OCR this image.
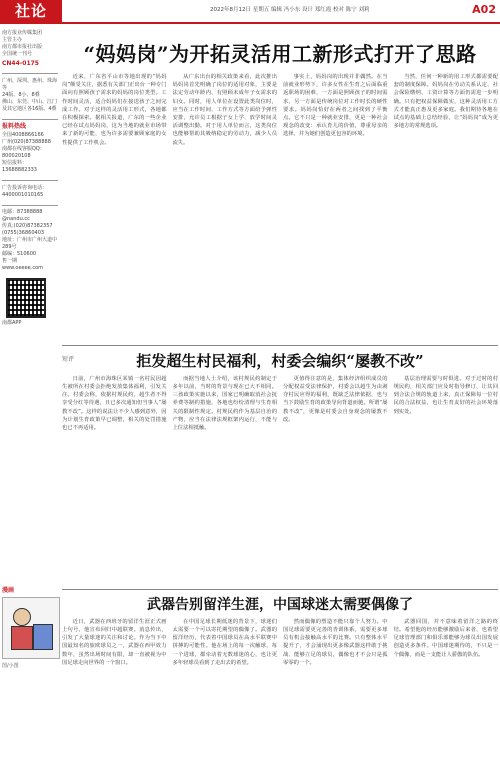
社论	2022年8月12日 星期五 编辑 冯小东 设计 郑红霞 校对 陈宁 刘莉	A02
南方报业传媒集团
主管主办
南方都市报社出版
全国统一刊号
CN44-0175
广州、深圳、惠州、珠海等
24版、8小、8叠
佛山、东莞、中山、江门及其它地区各16版、4叠
报料热线
全国4008866166
广州(020)87388888
南都在线客服QQ：
800020108
短信报料：
13688882333
广告投诉咨询电话：
4400001010165
电邮：87388888
@nandu.cc
传真:(020)87382357
(0755)36860403
地址：广州市广州大道中
289号
邮编：510600
售一期
www.oeeee.com
南都APP
“妈妈岗”为开拓灵活用工新形式打开了思路

近来，广东省平山市等地出现的“妈妈岗”颇受关注，据悉有关部门正出台一种专门面向有照顾孩子需求的妈妈的岗位类型。工作时间灵活，适合妈妈们在接送孩子之间完成工作。对于这样的灵活用工形式，各地都在积极探索。据相关报道，广东的一些企业已经在试点妈妈岗，这为当地的就业市场带来了新的可能，也为许多需要兼顾家庭的女性提供了工作机会。

从广东出台的相关政策来看，此次推出妈妈岗首先明确了岗位的适用对象，主要是法定劳动年龄内、有照顾未成年子女需求的妇女。同时，用人单位在设置此类岗位时，应当在工作时间、工作方式等方面给予弹性安排，允许员工根据子女上学、放学时间灵活调整出勤。对于用人单位而言，这类岗位也能够帮助其吸纳稳定的劳动力，减少人员流失。

事实上，妈妈岗的出现并非偶然。在当前就业形势下，许多女性在生育之后面临重返职场的困难，一方面是照顾孩子的时间需求，另一方面是传统岗位对工作时长的硬性要求。妈妈岗恰好在两者之间找到了平衡点。它不只是一种就业安排，更是一种社会观念的改变：承认育儿的价值，尊重母亲的选择，并为她们创造更包容的环境。

当然，任何一种新的用工形式都需要配套的制度保障。妈妈岗在劳动关系认定、社会保险缴纳、工资计算等方面仍需进一步明确。只有把权益保障做实，这种灵活用工方式才能真正惠及更多家庭。我们期待各地在试点的基础上总结经验，让“妈妈岗”成为更多地方的常规选项。

短评	拒发超生村民福利，村委会编织“屡教不改”

日前，广州市海珠区某镇一名村民因超生被所在村委会拒绝发放集体福利，引发关注。村委会称，依据村规民约，超生者不得享受分红等待遇，且已多次通知但当事人“屡教不改”。这样的说法让不少人感到意外，因为计划生育政策早已调整，相关的处罚措施也已不再适用。

而据当地人士介绍，该村规民约制定于多年以前，当时的背景与现在已大不相同。三孩政策实施以来，国家已明确取消社会抚养费等制约措施，各地也纷纷清理与生育相关的限制性规定。村规民约作为基层自治的产物，应当在法律法规框架内运行，不能与上位法相抵触。

更值得注意的是，集体经济组织成员的分配权益受法律保护，村委会以超生为由剥夺村民应得的福利，既缺乏法律依据，也与当下鼓励生育的政策导向背道而驰。所谓“屡教不改”，更像是村委会自身观念的屡教不改。

基层治理需要与时俱进。对于过时的村规民约，相关部门应及时指导修订，让其回到合法合规的轨道上来，真正保障每一位村民的合法权益，也让生育友好的社会环境落到实处。

漫画
图/小图
武器告别留洋生涯，中国球迷太需要偶像了

近日，武器在西班牙的留洋生涯正式画上句号，他宣布回归中超联赛。消息传出，引发了大量球迷的关注和讨论。作为当下中国最知名的旅欧球员之一，武器在西甲效力数年，虽然出场时间有限，却一直被视为中国足球走向世界的一个窗口。

在中国足球长期低迷的背景下，球迷们太需要一个可以寄托期望的偶像了。武器的留洋经历，代表着中国球员在高水平联赛中拼搏的可能性。他在场上的每一次触球、每一个进球，都牵动着无数球迷的心，也让更多年轻球员看到了走出去的希望。

然而偶像的塑造不能只靠个人努力。中国足球需要更完善的青训体系，需要更多球员有机会接触高水平的比赛。只有整体水平提升了，才会涌现出更多像武器这样敢于挑战、能够立足的球员，偶像也才不会只是孤零零的一个。

武器回国，并不意味着留洋之路的终结。希望他的经历能够激励后来者，也希望足球管理部门和俱乐部能够为球员出国发展创造更多条件。中国球迷期待的，不只是一个偶像，而是一支能让人骄傲的队伍。
